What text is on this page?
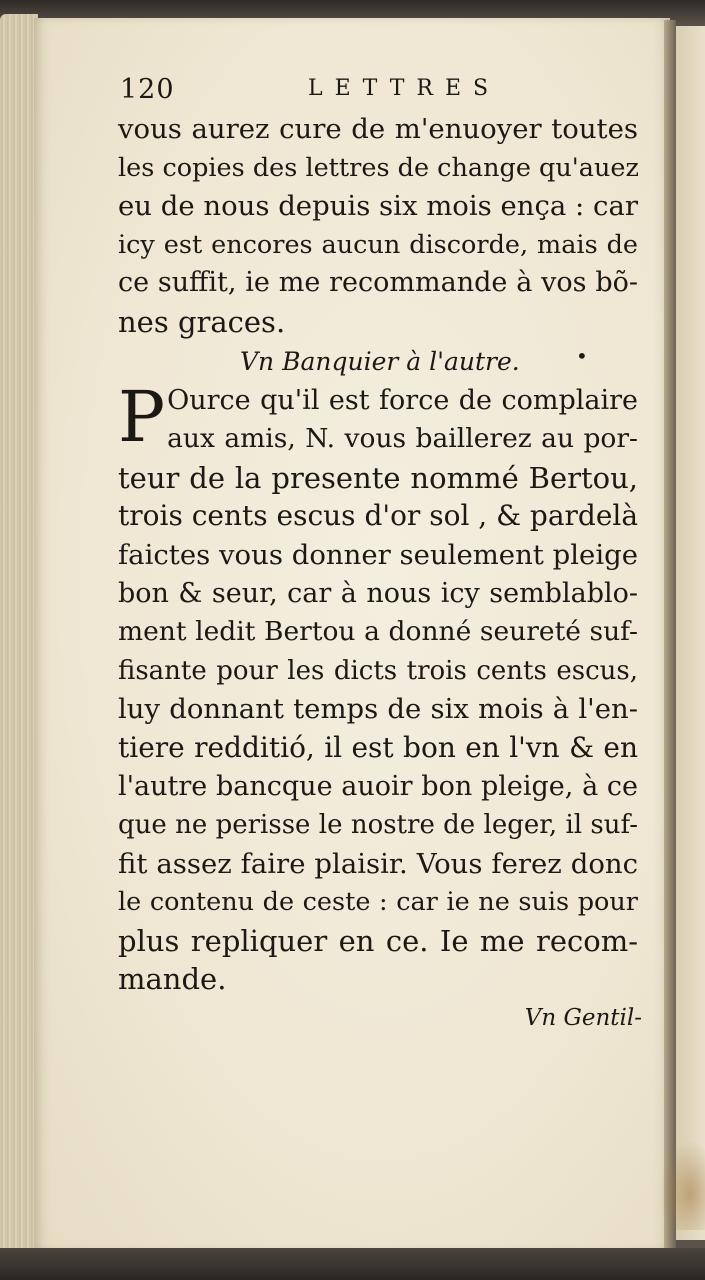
120	LETTRES
vous aurez cure de m'enuoyer toutes
les copies des lettres de change qu'auez
eu de nous depuis six mois ença : car
icy est encores aucun discorde, mais de
ce suffit, ie me recommande à vos bõ-
nes graces.
Vn Banquier à l'autre.	•
P Ource qu'il est force de complaire
aux amis, N. vous baillerez au por-
teur de la presente nommé Bertou,
trois cents escus d'or sol , & pardelà
faictes vous donner seulement pleige
bon & seur, car à nous icy semblablo-
ment ledit Bertou a donné seureté suf-
fisante pour les dicts trois cents escus,
luy donnant temps de six mois à l'en-
tiere redditió, il est bon en l'vn & en
l'autre bancque auoir bon pleige, à ce
que ne perisse le nostre de leger, il suf-
fit assez faire plaisir. Vous ferez donc
le contenu de ceste : car ie ne suis pour
plus repliquer en ce. Ie me recom-
mande.
Vn Gentil-
